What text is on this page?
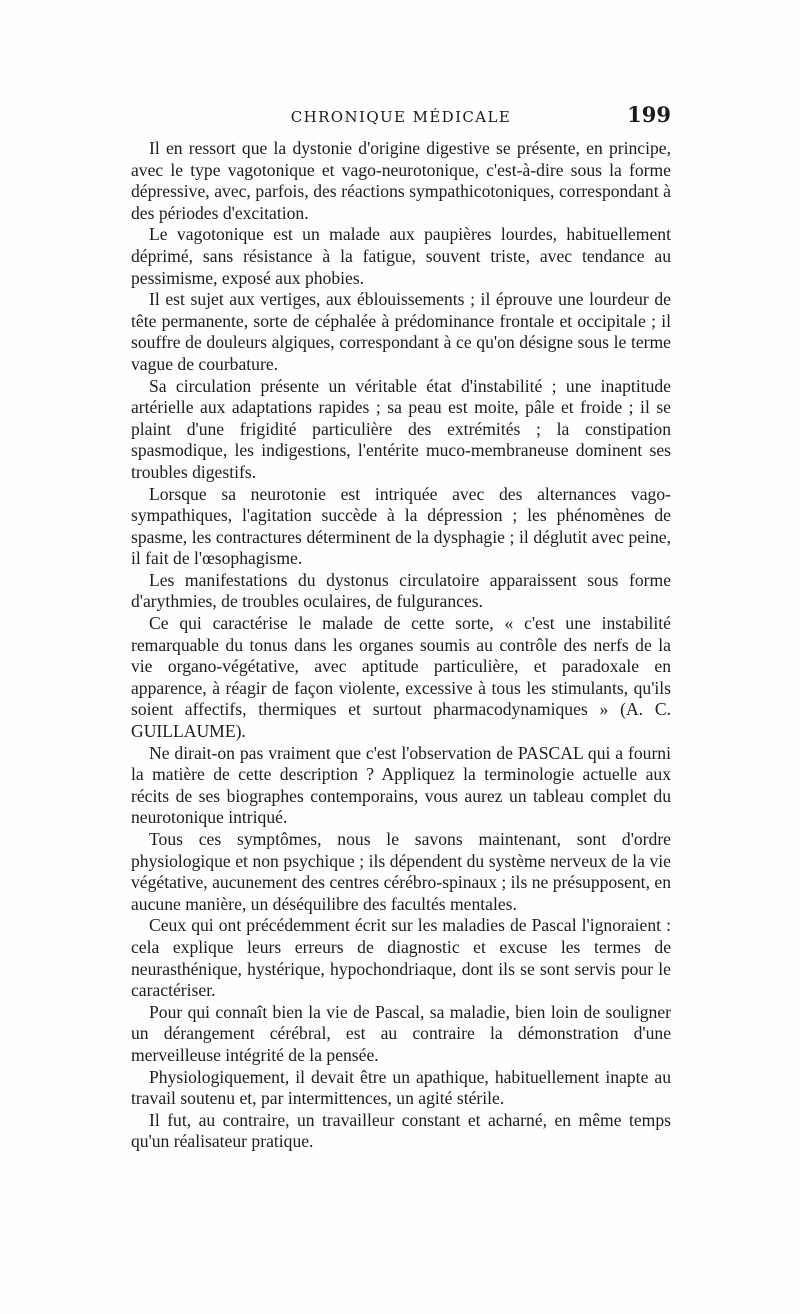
CHRONIQUE MÉDICALE	199

Il en ressort que la dystonie d'origine digestive se présente, en principe, avec le type vagotonique et vago-neurotonique, c'est-à-dire sous la forme dépressive, avec, parfois, des réactions sympathicotoniques, correspondant à des périodes d'excitation.

Le vagotonique est un malade aux paupières lourdes, habituellement déprimé, sans résistance à la fatigue, souvent triste, avec tendance au pessimisme, exposé aux phobies.

Il est sujet aux vertiges, aux éblouissements ; il éprouve une lourdeur de tête permanente, sorte de céphalée à prédominance frontale et occipitale ; il souffre de douleurs algiques, correspondant à ce qu'on désigne sous le terme vague de courbature.

Sa circulation présente un véritable état d'instabilité ; une inaptitude artérielle aux adaptations rapides ; sa peau est moite, pâle et froide ; il se plaint d'une frigidité particulière des extrémités ; la constipation spasmodique, les indigestions, l'entérite muco-membraneuse dominent ses troubles digestifs.

Lorsque sa neurotonie est intriquée avec des alternances vago-sympathiques, l'agitation succède à la dépression ; les phénomènes de spasme, les contractures déterminent de la dysphagie ; il déglutit avec peine, il fait de l'œsophagisme.

Les manifestations du dystonus circulatoire apparaissent sous forme d'arythmies, de troubles oculaires, de fulgurances.

Ce qui caractérise le malade de cette sorte, « c'est une instabilité remarquable du tonus dans les organes soumis au contrôle des nerfs de la vie organo-végétative, avec aptitude particulière, et paradoxale en apparence, à réagir de façon violente, excessive à tous les stimulants, qu'ils soient affectifs, thermiques et surtout pharmacodynamiques » (A. C. GUILLAUME).

Ne dirait-on pas vraiment que c'est l'observation de PASCAL qui a fourni la matière de cette description ? Appliquez la terminologie actuelle aux récits de ses biographes contemporains, vous aurez un tableau complet du neurotonique intriqué.

Tous ces symptômes, nous le savons maintenant, sont d'ordre physiologique et non psychique ; ils dépendent du système nerveux de la vie végétative, aucunement des centres cérébro-spinaux ; ils ne présupposent, en aucune manière, un déséquilibre des facultés mentales.

Ceux qui ont précédemment écrit sur les maladies de Pascal l'ignoraient : cela explique leurs erreurs de diagnostic et excuse les termes de neurasthénique, hystérique, hypochondriaque, dont ils se sont servis pour le caractériser.

Pour qui connaît bien la vie de Pascal, sa maladie, bien loin de souligner un dérangement cérébral, est au contraire la démonstration d'une merveilleuse intégrité de la pensée.

Physiologiquement, il devait être un apathique, habituellement inapte au travail soutenu et, par intermittences, un agité stérile.

Il fut, au contraire, un travailleur constant et acharné, en même temps qu'un réalisateur pratique.
